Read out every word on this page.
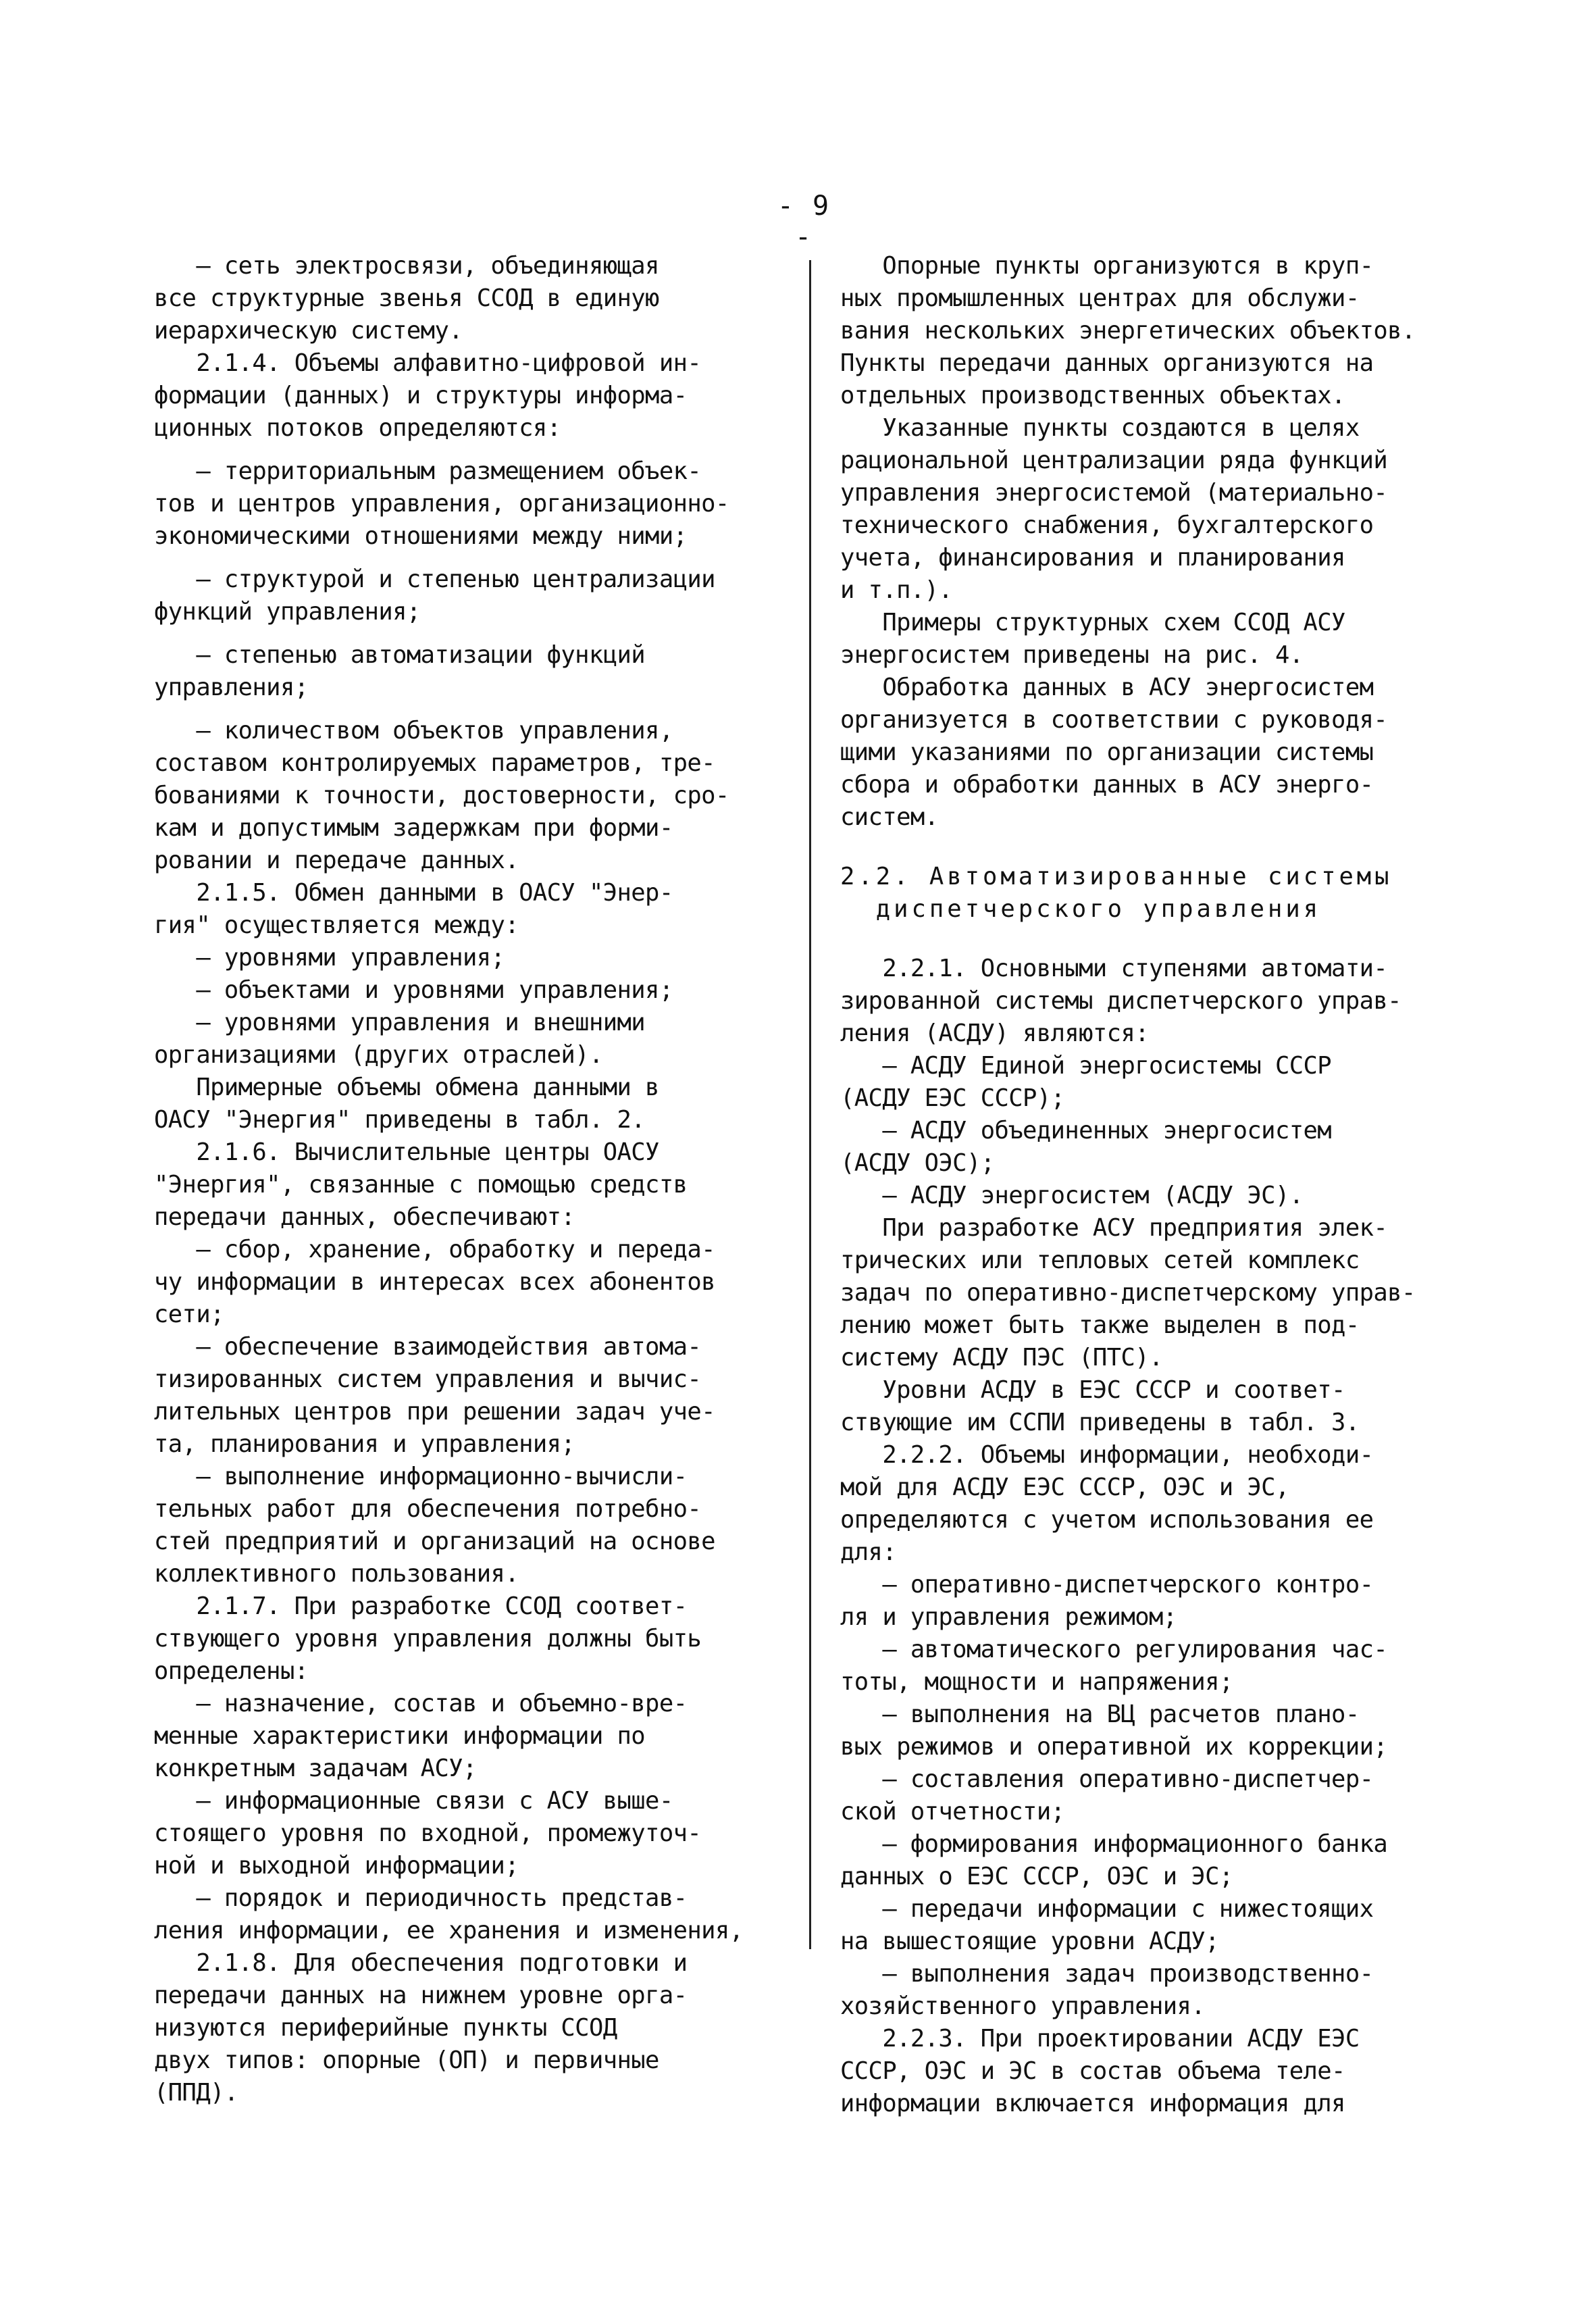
- 9 -
– сеть электросвязи, объединяющая
все структурные звенья ССОД в единую
иерархическую систему.
2.1.4. Объемы алфавитно-цифровой ин-
формации (данных) и структуры информа-
ционных потоков определяются:
– территориальным размещением объек-
тов и центров управления, организационно-
экономическими отношениями между ними;
– структурой и степенью централизации
функций управления;
– степенью автоматизации функций
управления;
– количеством объектов управления,
составом контролируемых параметров, тре-
бованиями к точности, достоверности, сро-
кам и допустимым задержкам при форми-
ровании и передаче данных.
2.1.5. Обмен данными в ОАСУ "Энер-
гия" осуществляется между:
– уровнями управления;
– объектами и уровнями управления;
– уровнями управления и внешними
организациями (других отраслей).
Примерные объемы обмена данными в
ОАСУ "Энергия" приведены в табл. 2.
2.1.6. Вычислительные центры ОАСУ
"Энергия", связанные с помощью средств
передачи данных, обеспечивают:
– сбор, хранение, обработку и переда-
чу информации в интересах всех абонентов
сети;
– обеспечение взаимодействия автома-
тизированных систем управления и вычис-
лительных центров при решении задач уче-
та, планирования и управления;
– выполнение информационно-вычисли-
тельных работ для обеспечения потребно-
стей предприятий и организаций на основе
коллективного пользования.
2.1.7. При разработке ССОД соответ-
ствующего уровня управления должны быть
определены:
– назначение, состав и объемно-вре-
менные характеристики информации по
конкретным задачам АСУ;
– информационные связи с АСУ выше-
стоящего уровня по входной, промежуточ-
ной и выходной информации;
– порядок и периодичность представ-
ления информации, ее хранения и изменения,
2.1.8. Для обеспечения подготовки и
передачи данных на нижнем уровне орга-
низуются периферийные пункты ССОД
двух типов: опорные (ОП) и первичные
(ППД).
Опорные пункты организуются в круп-
ных промышленных центрах для обслужи-
вания нескольких энергетических объектов.
Пункты передачи данных организуются на
отдельных производственных объектах.
Указанные пункты создаются в целях
рациональной централизации ряда функций
управления энергосистемой (материально-
технического снабжения, бухгалтерского
учета, финансирования и планирования
и т.п.).
Примеры структурных схем ССОД АСУ
энергосистем приведены на рис. 4.
Обработка данных в АСУ энергосистем
организуется в соответствии с руководя-
щими указаниями по организации системы
сбора и обработки данных в АСУ энерго-
систем.
2.2. Автоматизированные системы
диспетчерского управления
2.2.1. Основными ступенями автомати-
зированной системы диспетчерского управ-
ления (АСДУ) являются:
– АСДУ Единой энергосистемы СССР
(АСДУ ЕЭС СССР);
– АСДУ объединенных энергосистем
(АСДУ ОЭС);
– АСДУ энергосистем (АСДУ ЭС).
При разработке АСУ предприятия элек-
трических или тепловых сетей комплекс
задач по оперативно-диспетчерскому управ-
лению может быть также выделен в под-
систему АСДУ ПЭС (ПТС).
Уровни АСДУ в ЕЭС СССР и соответ-
ствующие им ССПИ приведены в табл. 3.
2.2.2. Объемы информации, необходи-
мой для АСДУ ЕЭС СССР, ОЭС и ЭС,
определяются с учетом использования ее
для:
– оперативно-диспетчерского контро-
ля и управления режимом;
– автоматического регулирования час-
тоты, мощности и напряжения;
– выполнения на ВЦ расчетов плано-
вых режимов и оперативной их коррекции;
– составления оперативно-диспетчер-
ской отчетности;
– формирования информационного банка
данных о ЕЭС СССР, ОЭС и ЭС;
– передачи информации с нижестоящих
на вышестоящие уровни АСДУ;
– выполнения задач производственно-
хозяйственного управления.
2.2.3. При проектировании АСДУ ЕЭС
СССР, ОЭС и ЭС в состав объема теле-
информации включается информация для
